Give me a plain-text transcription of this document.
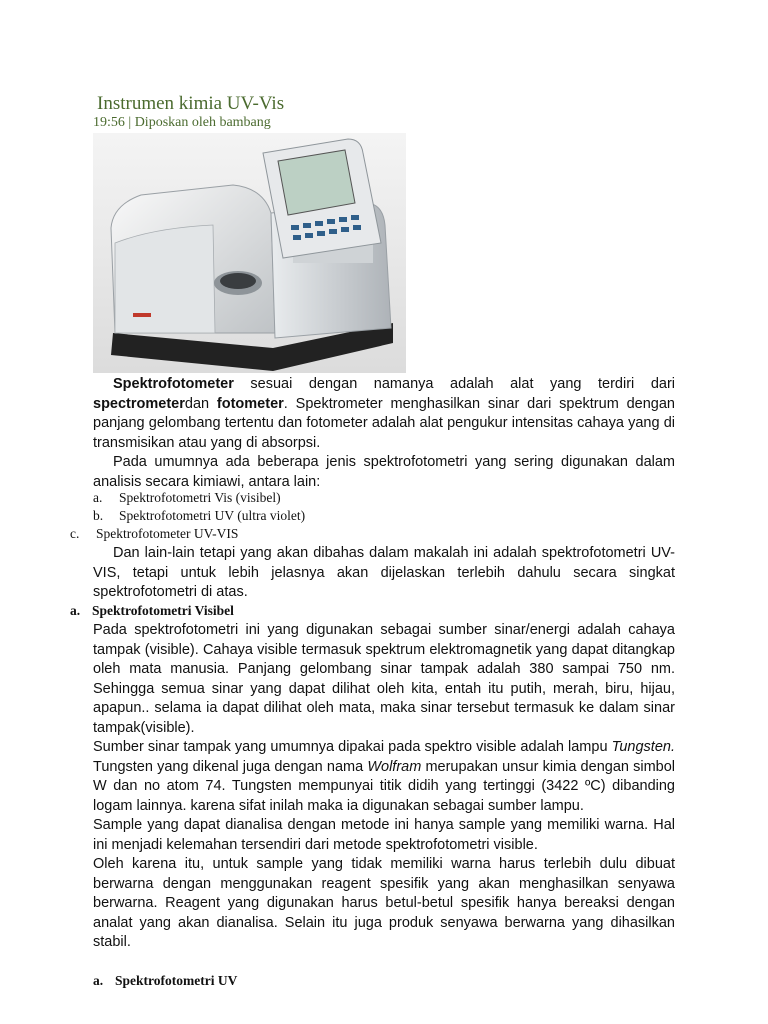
Instrumen kimia UV-Vis
19:56 | Diposkan oleh bambang

Spektrofotometer sesuai dengan namanya adalah alat yang terdiri dari spectrometerdan fotometer. Spektrometer menghasilkan sinar dari spektrum dengan panjang gelombang tertentu dan fotometer adalah alat pengukur intensitas cahaya yang di transmisikan atau yang di absorpsi.

Pada umumnya ada beberapa jenis spektrofotometri yang sering digunakan dalam analisis secara kimiawi, antara lain:

a. Spektrofotometri Vis (visibel)
b. Spektrofotometri UV (ultra violet)
c. Spektrofotometer UV-VIS

Dan lain-lain tetapi yang akan dibahas dalam makalah ini adalah spektrofotometri UV-VIS, tetapi untuk lebih jelasnya akan dijelaskan terlebih dahulu secara singkat spektrofotometri di atas.

a. Spektrofotometri Visibel

Pada spektrofotometri ini yang digunakan sebagai sumber sinar/energi adalah cahaya tampak (visible). Cahaya visible termasuk spektrum elektromagnetik yang dapat ditangkap oleh mata manusia. Panjang gelombang sinar tampak adalah 380 sampai 750 nm. Sehingga semua sinar yang dapat dilihat oleh kita, entah itu putih, merah, biru, hijau, apapun.. selama ia dapat dilihat oleh mata, maka sinar tersebut termasuk ke dalam sinar tampak(visible).

Sumber sinar tampak yang umumnya dipakai pada spektro visible adalah lampu Tungsten. Tungsten yang dikenal juga dengan nama Wolfram merupakan unsur kimia dengan simbol W dan no atom 74. Tungsten mempunyai titik didih yang tertinggi (3422 ºC) dibanding logam lainnya. karena sifat inilah maka ia digunakan sebagai sumber lampu.

Sample yang dapat dianalisa dengan metode ini hanya sample yang memiliki warna. Hal ini menjadi kelemahan tersendiri dari metode spektrofotometri visible.

Oleh karena itu, untuk sample yang tidak memiliki warna harus terlebih dulu dibuat berwarna dengan menggunakan reagent spesifik yang akan menghasilkan senyawa berwarna. Reagent yang digunakan harus betul-betul spesifik hanya bereaksi dengan analat yang akan dianalisa. Selain itu juga produk senyawa berwarna yang dihasilkan stabil.

a. Spektrofotometri UV
